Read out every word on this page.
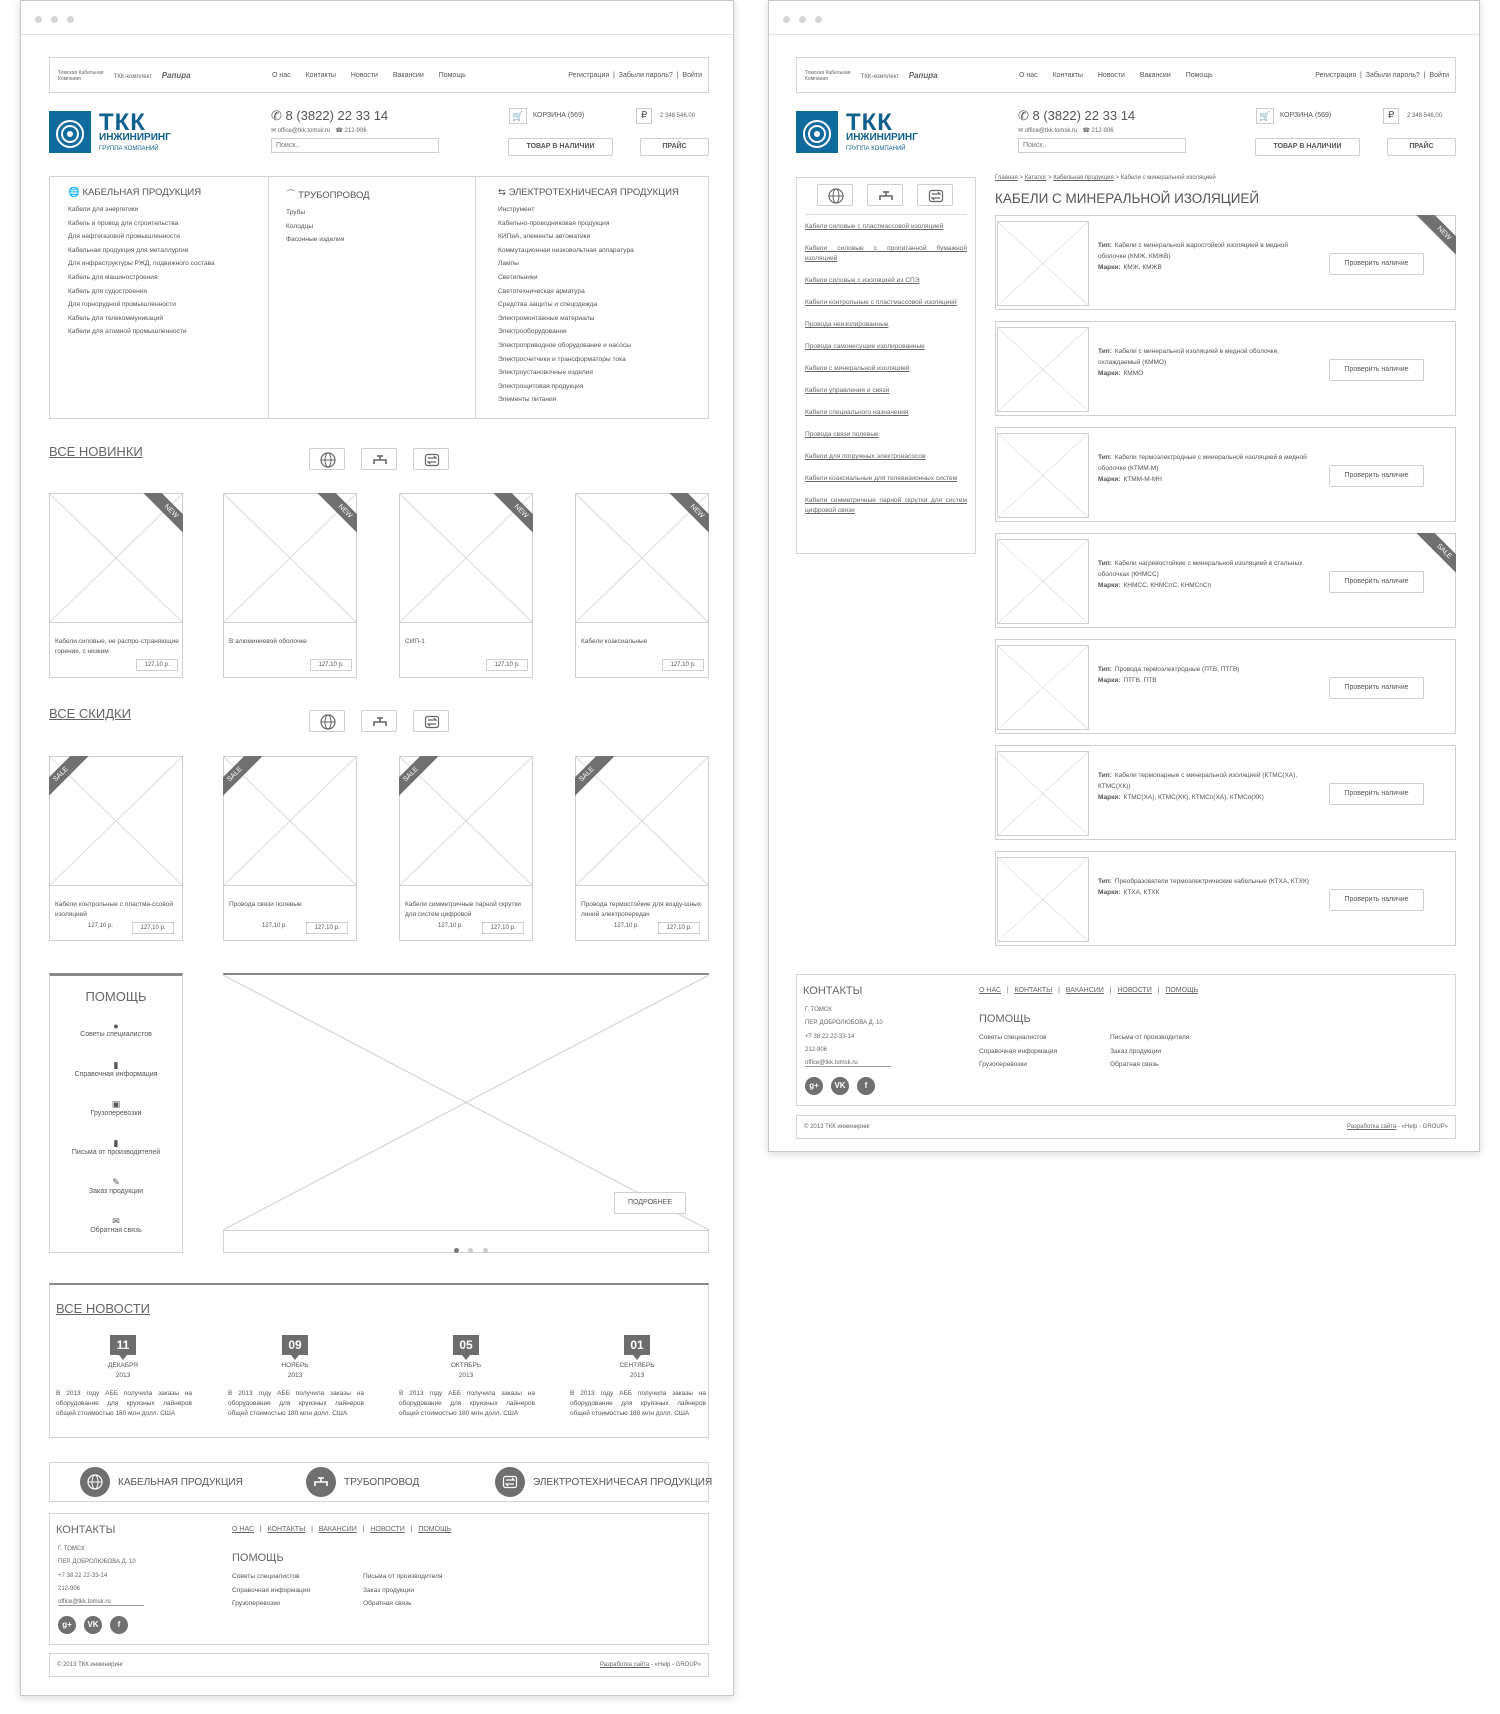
Томская Кабельная Компания	ТКК-комплект Рапира	О нас Контакты Новости Вакансии Помощь	Регистрация  |  Забыли пароль?  |  Войти
ТКК
ИНЖИНИРИНГ
ГРУППА КОМПАНИЙ
✆ 8 (3822) 22 33 14
✉ office@tkk.tomsk.ru ☎ 212-906
Поиск..
🛒	КОРЗИНА (569)	₽	2 348 546,00
ТОВАР В НАЛИЧИИ	ПРАЙС
🌐 КАБЕЛЬНАЯ ПРОДУКЦИЯ
Кабели для энергетики
Кабель и провод для строительства
Для нефтегазовой промышленности
Кабельная продукция для металлургии
Для инфраструктуры РЖД, подвижного состава
Кабель для машиностроения
Кабель для судостроения
Для горнорудной промышленности
Кабель для телекоммуникаций
Кабели для атомной промышленности
⌒ ТРУБОПРОВОД
Трубы
Колодцы
Фасонные изделия
⇆ ЭЛЕКТРОТЕХНИЧЕСАЯ ПРОДУКЦИЯ
Инструмент
Кабельно-проводниковая продукция
КИПиА, элементы автоматики
Коммутационная низковольтная аппаратура
Лампы
Светильники
Светотехническая арматура
Средства защиты и спецодежда
Электромонтажные материалы
Электрооборудование
Электроприводное оборудование и насосы
Электросчетчики и трансформаторы тока
Электроустановочные изделия
Электрощитовая продукция
Элементы питания
ВСЕ НОВИНКИ
NEW
Кабели силовые, не распро-страняющие горение, с низким
127,10 р.
NEW
В алюминиевой оболочке
127,10 р.
NEW
СИП-1
127,10 р.
NEW
Кабели коаксиальные
127,10 р.
ВСЕ СКИДКИ
SALE
Кабели контрольные с пластма-ссовой изоляцией
127,10 р.	127,10 р.
SALE
Провода связи полевые
127,10 р.	127,10 р.
SALE
Кабели симметричные парной скрутки для систем цифровой
127,10 р.	127,10 р.
SALE
Провода термостойкие для возду-шных линий электропередач
127,10 р.	127,10 р.
ПОМОЩЬ
●
Советы специалистов
▮
Справочная информация
▣
Грузоперевозки
▮
Письма от производителей
✎
Заказ продукции
✉
Обратная связь
ПОДРОБНЕЕ

ВСЕ НОВОСТИ
11
ДЕКАБРЯ
2013
В 2013 году АББ получила заказы на оборудование для круизных лайнеров общей стоимостью 180 млн долл. США
09
НОЯБРЬ
2013
В 2013 году АББ получила заказы на оборудование для круизных лайнеров общей стоимостью 180 млн долл. США
05
ОКТЯБРЬ
2013
В 2013 году АББ получила заказы на оборудование для круизных лайнеров общей стоимостью 180 млн долл. США
01
СЕНТЯБРЬ
2013
В 2013 году АББ получила заказы на оборудование для круизных лайнеров общей стоимостью 180 млн долл. США
КАБЕЛЬНАЯ ПРОДУКЦИЯ	ТРУБОПРОВОД	ЭЛЕКТРОТЕХНИЧЕСАЯ ПРОДУКЦИЯ
КОНТАКТЫ
Г. ТОМСК
ПЕР. ДОБРОЛЮБОВА Д. 10
+7 38 22 22-33-14
212-906
office@tkk.tomsk.ru
g+	VK	f
О НАС   |   КОНТАКТЫ   |   ВАКАНСИИ   |   НОВОСТИ   |   ПОМОЩЬ
ПОМОЩЬ
Советы специалистов
Справочная информация
Грузоперевозки
Письма от производителя
Заказ продукции
Обратная связь
© 2013 ТКК инжиниринг	Разработка сайта - «Help - GROUP»
Томская Кабельная Компания	ТКК-комплект Рапира	О нас Контакты Новости Вакансии Помощь	Регистрация  |  Забыли пароль?  |  Войти
ТКК
ИНЖИНИРИНГ
ГРУППА КОМПАНИЙ
✆ 8 (3822) 22 33 14
✉ office@tkk.tomsk.ru ☎ 212-906
Поиск..
🛒	КОРЗИНА (569)	₽	2 348 546,00
ТОВАР В НАЛИЧИИ	ПРАЙС
Кабели силовые с пластмассовой изоляцией
Кабели силовые с пропитанной бумажной изоляцией
Кабели силовые с изоляцией из СПЭ
Кабели контрольные с пластмассовой изоляцией
Провода неизолированные
Провода самонесущие изолированные
Кабели с минеральной изоляцией
Кабели управления и связи
Кабели специального назначения
Провода связи полевые
Кабели для погружных электронасосов
Кабели коаксиальные для телевизионных систем
Кабели симметричные парной скрутки для систем цифровой связи
Главная > Каталог > Кабельная продукция > Кабели с минеральной изоляцией
КАБЕЛИ С МИНЕРАЛЬНОЙ ИЗОЛЯЦИЕЙ
Тип: Кабели с минеральной жаростойкой изоляцией в медной оболочке (КМЖ, КМЖВ)
Марки: КМЖ, КМЖВ
Проверить наличие
NEW
Тип: Кабели с минеральной изоляцией в медной оболочке, охлаждаемый (КММО)
Марки: КММО
Проверить наличие
Тип: Кабели термоэлектродные с минеральной изоляцией в медной оболочке (КТММ-М)
Марки: КТММ-М-МН
Проверить наличие
Тип: Кабели нагревостойкие с минеральной изоляцией в стальных оболочках (КНМСС)
Марки: КНМСС, КНМСпС, КНМСпСп
Проверить наличие
SALE
Тип: Провода термоэлектродные (ПТВ, ПТГВ)
Марки: ПТГВ, ПТВ
Проверить наличие
Тип: Кабели термопарные с минеральной изоляцией (КТМС(ХА), КТМС(ХК))
Марки: КТМС(ХА), КТМС(ХК), КТМСп(ХА), КТМСп(ХК)
Проверить наличие
Тип: Преобразователи термоэлектрические кабельные (КТХА, КТХК)
Марки: КТХА, КТХК
Проверить наличие
КОНТАКТЫ
Г. ТОМСК
ПЕР. ДОБРОЛЮБОВА Д. 10
+7 38 22 22-33-14
212-906
office@tkk.tomsk.ru
g+	VK	f
О НАС   |   КОНТАКТЫ   |   ВАКАНСИИ   |   НОВОСТИ   |   ПОМОЩЬ
ПОМОЩЬ
Советы специалистов
Справочная информация
Грузоперевозки
Письма от производителя
Заказ продукции
Обратная связь
© 2013 ТКК инжиниринг	Разработка сайта - «Help - GROUP»
